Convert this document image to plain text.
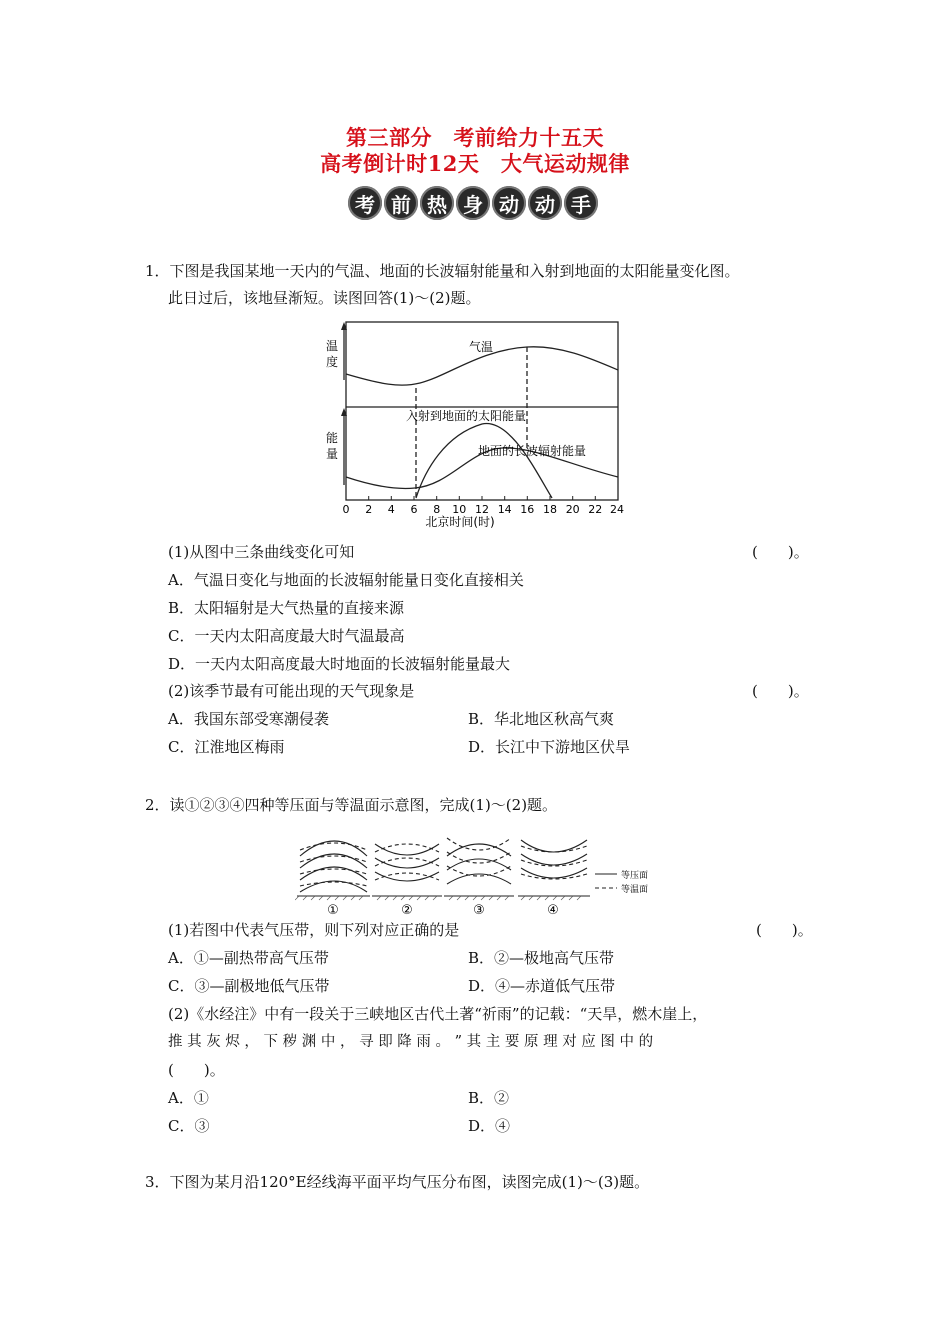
第三部分　考前给力十五天
高考倒计时12天　大气运动规律
考 前 热 身 动 动 手
1．下图是我国某地一天内的气温、地面的长波辐射能量和入射到地面的太阳能量变化图。
此日过后，该地昼渐短。读图回答(1)～(2)题。
温
度
能
量
气温
入射到地面的太阳能量
地面的长波辐射能量
0 2 4 6 8 10 12 14 16 18 20 22 24
北京时间(时)
(1)从图中三条曲线变化可知	(　　)。
A．气温日变化与地面的长波辐射能量日变化直接相关
B．太阳辐射是大气热量的直接来源
C．一天内太阳高度最大时气温最高
D．一天内太阳高度最大时地面的长波辐射能量最大
(2)该季节最有可能出现的天气现象是	(　　)。
A．我国东部受寒潮侵袭	B．华北地区秋高气爽
C．江淮地区梅雨	D．长江中下游地区伏旱
2．读①②③④四种等压面与等温面示意图，完成(1)～(2)题。
①	②	③	④
等压面
等温面
(1)若图中代表气压带，则下列对应正确的是	(　　)。
A．①—副热带高气压带	B．②—极地高气压带
C．③—副极地低气压带	D．④—赤道低气压带
(2)《水经注》中有一段关于三峡地区古代土著“祈雨”的记载：“天旱，燃木崖上，
推 其 灰 烬 ， 下 秽 渊 中 ， 寻 即 降 雨 。 ” 其 主 要 原 理 对 应 图 中 的
(　　)。
A．①	B．②
C．③	D．④
3．下图为某月沿120°E经线海平面平均气压分布图，读图完成(1)～(3)题。
